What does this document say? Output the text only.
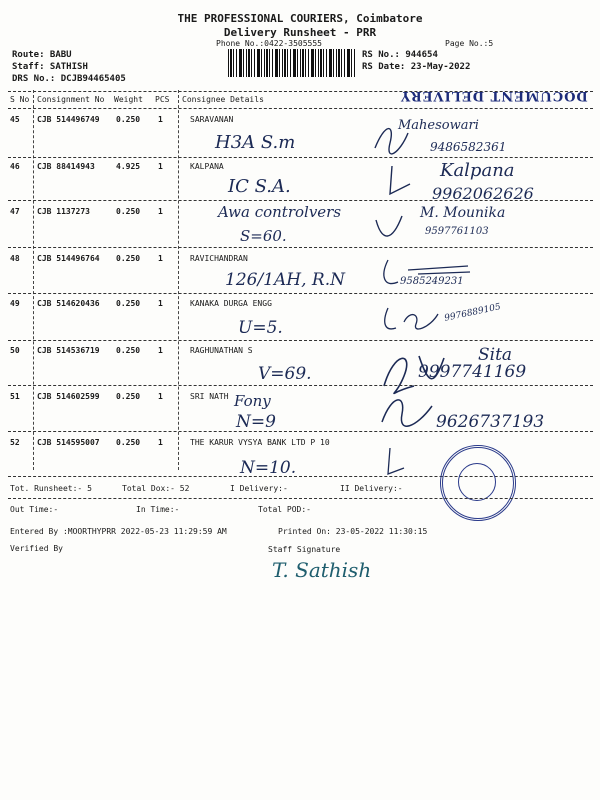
THE PROFESSIONAL COURIERS, Coimbatore
Delivery Runsheet - PRR
Phone No.:0422-3505555	Page No.:5
Route: BABU
Staff: SATHISH
DRS No.: DCJB94465405
RS No.: 944654
RS Date: 23-May-2022
DOCUMENT DELIVERY
S No Consignment No Weight PCS Consignee Details
45 CJB 514496749 0.250 1	SARAVANAN
H3A S.m
Mahesowari
9486582361
46 CJB 88414943	4.925 1	KALPANA
IC S.A.
Kalpana
9962062626
47 CJB 1137273	0.250 1	Awa controlvers
S=60.
M. Mounika
9597761103
48 CJB 514496764 0.250 1	RAVICHANDRAN
126/1AH, R.N	9585249231
49 CJB 514620436 0.250 1	KANAKA DURGA ENGG
U=5.
9976889105
50 CJB 514536719 0.250 1	RAGHUNATHAN S
V=69.
Sita
9997741169
51 CJB 514602599 0.250 1	SRI NATH Fony
N=9	9626737193
52 CJB 514595007 0.250 1	THE KARUR VYSYA BANK LTD P 10
N=10.
Tot. Runsheet:- 5	Total Dox:- 52	I Delivery:-	II Delivery:-
Out Time:-	In Time:-	Total POD:-
Entered By :MOORTHYPRR 2022-05-23 11:29:59 AM	Printed On: 23-05-2022 11:30:15
Verified By	Staff Signature
T. Sathish
